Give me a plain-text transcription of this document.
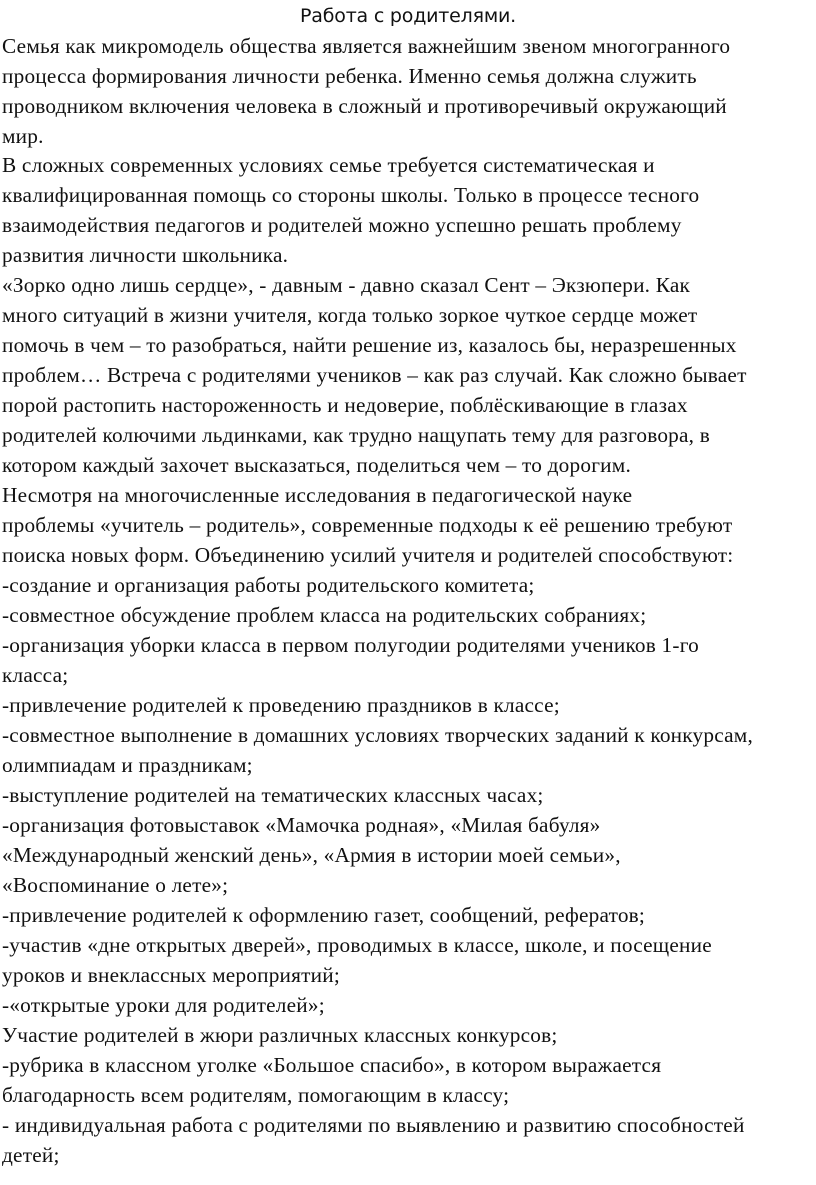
Работа с родителями.
Семья как микромодель общества является важнейшим звеном многогранного
процесса формирования личности ребенка. Именно семья должна служить
проводником включения человека в сложный и противоречивый окружающий
мир.
В сложных современных условиях семье требуется систематическая и
квалифицированная помощь со стороны школы. Только в процессе тесного
взаимодействия педагогов и родителей можно успешно решать проблему
развития личности школьника.
«Зорко одно лишь сердце», - давным - давно сказал Сент – Экзюпери. Как
много ситуаций в жизни учителя, когда только зоркое чуткое сердце может
помочь в чем – то разобраться, найти решение из, казалось бы, неразрешенных
проблем… Встреча с родителями учеников – как раз случай. Как сложно бывает
порой растопить настороженность и недоверие, поблёскивающие в глазах
родителей колючими льдинками, как трудно нащупать тему для разговора, в
котором каждый захочет высказаться, поделиться чем – то дорогим.
Несмотря на многочисленные исследования в педагогической науке
проблемы «учитель – родитель», современные подходы к её решению требуют
поиска новых форм. Объединению усилий учителя и родителей способствуют:
-создание и организация работы родительского комитета;
-совместное обсуждение проблем класса на родительских собраниях;
-организация уборки класса в первом полугодии родителями учеников 1-го
класса;
-привлечение родителей к проведению праздников в классе;
-совместное выполнение в домашних условиях творческих заданий к конкурсам,
олимпиадам и праздникам;
-выступление родителей на тематических классных часах;
-организация фотовыставок «Мамочка родная», «Милая бабуля»
«Международный женский день», «Армия в истории моей семьи»,
«Воспоминание о лете»;
-привлечение родителей к оформлению газет, сообщений, рефератов;
-участив «дне открытых дверей», проводимых в классе, школе, и посещение
уроков и внеклассных мероприятий;
-«открытые уроки для родителей»;
Участие родителей в жюри различных классных конкурсов;
-рубрика в классном уголке «Большое спасибо», в котором выражается
благодарность всем родителям, помогающим в классу;
- индивидуальная работа с родителями по выявлению и развитию способностей
детей;
